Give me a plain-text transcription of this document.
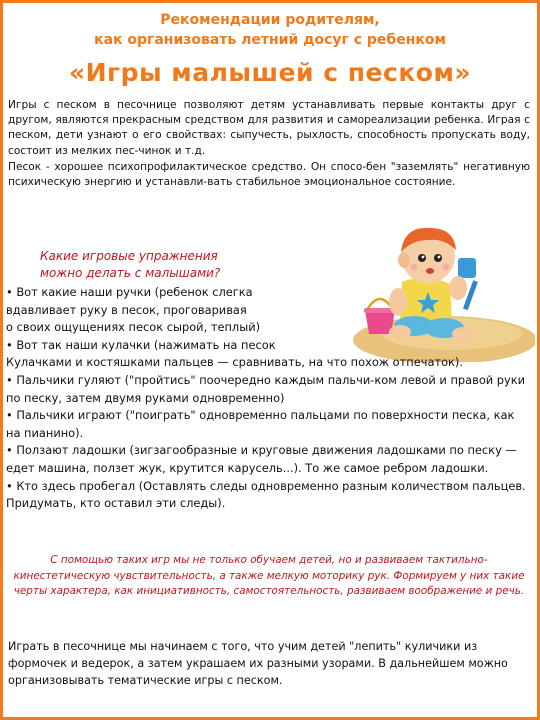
Рекомендации родителям,
как организовать летний досуг с ребенком
«Игры малышей с песком»

Игры с песком в песочнице позволяют детям устанавливать первые контакты друг с другом, являются прекрасным средством для развития и самореализации ребенка. Играя с песком, дети узнают о его свойствах: сыпучесть, рыхлость, способность пропускать воду, состоит из мелких пес-чинок и т.д.

Песок - хорошее психопрофилактическое средство. Он спосо-бен "заземлять" негативную психическую энергию и устанавли-вать стабильное эмоциональное состояние.

Какие игровые упражнения
можно делать с малышами?
• Вот какие наши ручки (ребенок слегка
вдавливает руку в песок, проговаривая
о своих ощущениях песок сырой, теплый)
• Вот так наши кулачки (нажимать на песок
Кулачками и костяшками пальцев — сравнивать, на что похож отпечаток).
• Пальчики гуляют ("пройтись" поочередно каждым пальчи-ком левой и правой руки по песку, затем двумя руками одновременно)
• Пальчики играют ("поиграть" одновременно пальцами по поверхности песка, как на пианино).
• Ползают ладошки (зигзагообразные и круговые движения ладошками по песку — едет машина, ползет жук, крутится карусель...). То же самое ребром ладошки.
• Кто здесь пробегал (Оставлять следы одновременно разным количеством пальцев. Придумать, кто оставил эти следы).
С помощью таких игр мы не только обучаем детей, но и развиваем тактильно-кинестетическую чувствительность, а также мелкую моторику рук. Формируем у них такие черты характера, как инициативность, самостоятельность, развиваем воображение и речь.
Играть в песочнице мы начинаем с того, что учим детей "лепить" куличики из формочек и ведерок, а затем украшаем их разными узорами. В дальнейшем можно организовывать тематические игры с песком.
